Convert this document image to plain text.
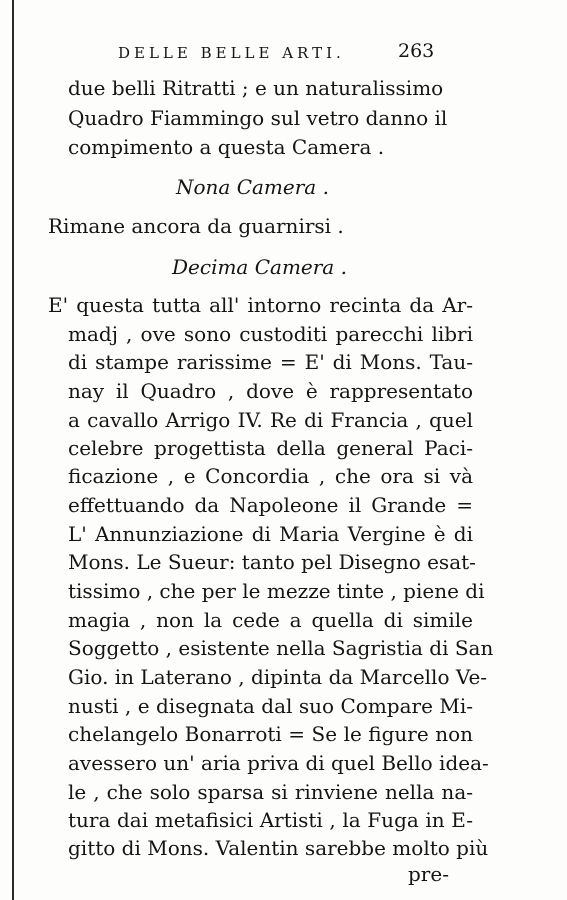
DELLE BELLE ARTI.	263
due belli Ritratti ; e un naturalissimo
Quadro Fiammingo sul vetro danno il
compimento a questa Camera .
Nona Camera .
Rimane ancora da guarnirsi .
Decima Camera .
E' questa tutta all' intorno recinta da Ar-
madj , ove sono custoditi parecchi libri
di stampe rarissime = E' di Mons. Tau-
nay il Quadro , dove è rappresentato
a cavallo Arrigo IV. Re di Francia , quel
celebre progettista della general Paci-
ficazione , e Concordia , che ora si và
effettuando da Napoleone il Grande =
L' Annunziazione di Maria Vergine è di
Mons. Le Sueur: tanto pel Disegno esat-
tissimo , che per le mezze tinte , piene di
magia , non la cede a quella di simile
Soggetto , esistente nella Sagristia di San
Gio. in Laterano , dipinta da Marcello Ve-
nusti , e disegnata dal suo Compare Mi-
chelangelo Bonarroti = Se le figure non
avessero un' aria priva di quel Bello idea-
le , che solo sparsa si rinviene nella na-
tura dai metafisici Artisti , la Fuga in E-
gitto di Mons. Valentin sarebbe molto più
pre-
